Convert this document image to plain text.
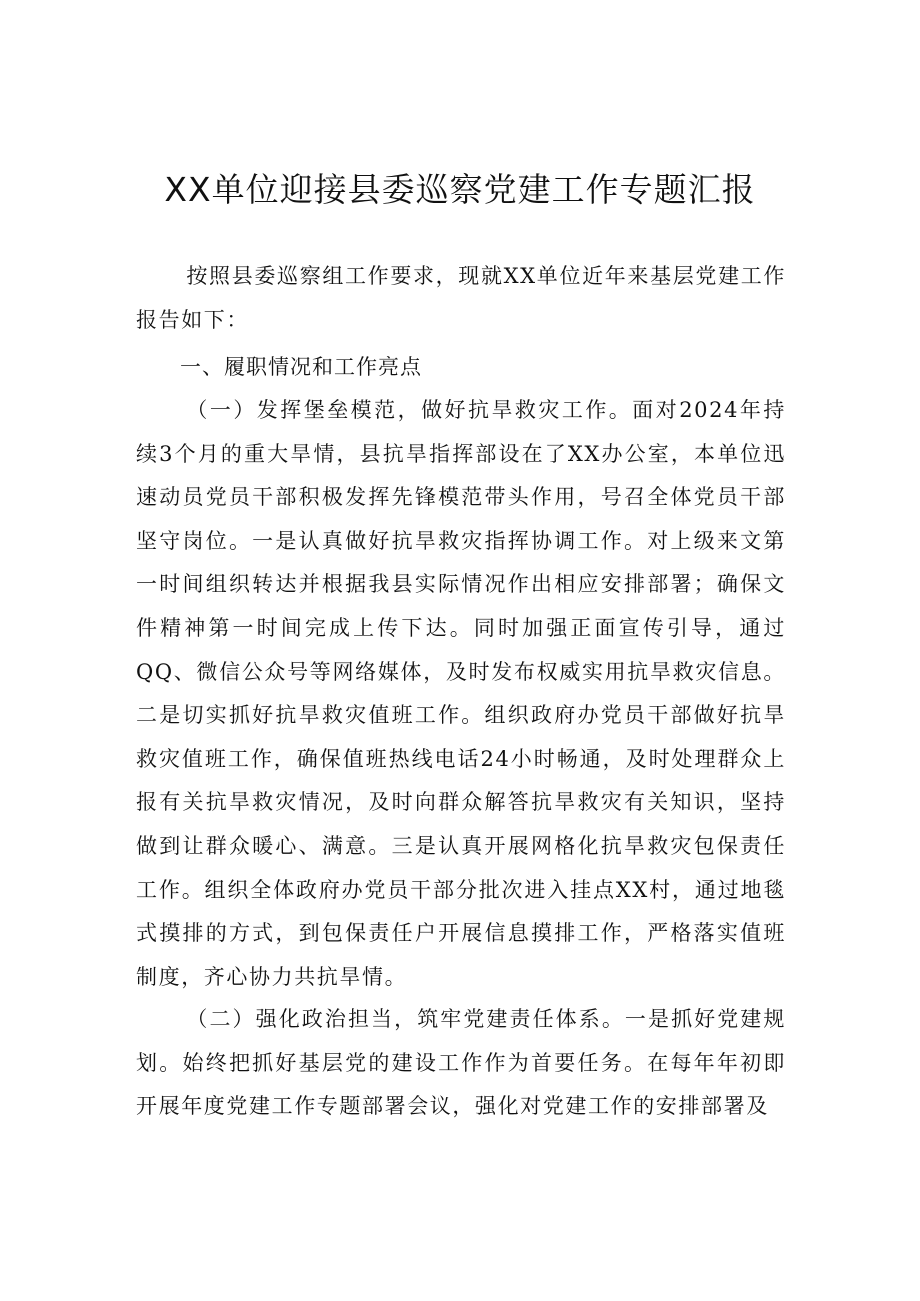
XX单位迎接县委巡察党建工作专题汇报

按照县委巡察组工作要求，现就XX单位近年来基层党建工作报告如下：

一、履职情况和工作亮点

（一）发挥堡垒模范，做好抗旱救灾工作。面对2024年持续3个月的重大旱情，县抗旱指挥部设在了XX办公室，本单位迅速动员党员干部积极发挥先锋模范带头作用，号召全体党员干部坚守岗位。一是认真做好抗旱救灾指挥协调工作。对上级来文第一时间组织转达并根据我县实际情况作出相应安排部署；确保文件精神第一时间完成上传下达。同时加强正面宣传引导，通过QQ、微信公众号等网络媒体，及时发布权威实用抗旱救灾信息。二是切实抓好抗旱救灾值班工作。组织政府办党员干部做好抗旱救灾值班工作，确保值班热线电话24小时畅通，及时处理群众上报有关抗旱救灾情况，及时向群众解答抗旱救灾有关知识，坚持做到让群众暖心、满意。三是认真开展网格化抗旱救灾包保责任工作。组织全体政府办党员干部分批次进入挂点XX村，通过地毯式摸排的方式，到包保责任户开展信息摸排工作，严格落实值班制度，齐心协力共抗旱情。

（二）强化政治担当，筑牢党建责任体系。一是抓好党建规划。始终把抓好基层党的建设工作作为首要任务。在每年年初即开展年度党建工作专题部署会议，强化对党建工作的安排部署及
